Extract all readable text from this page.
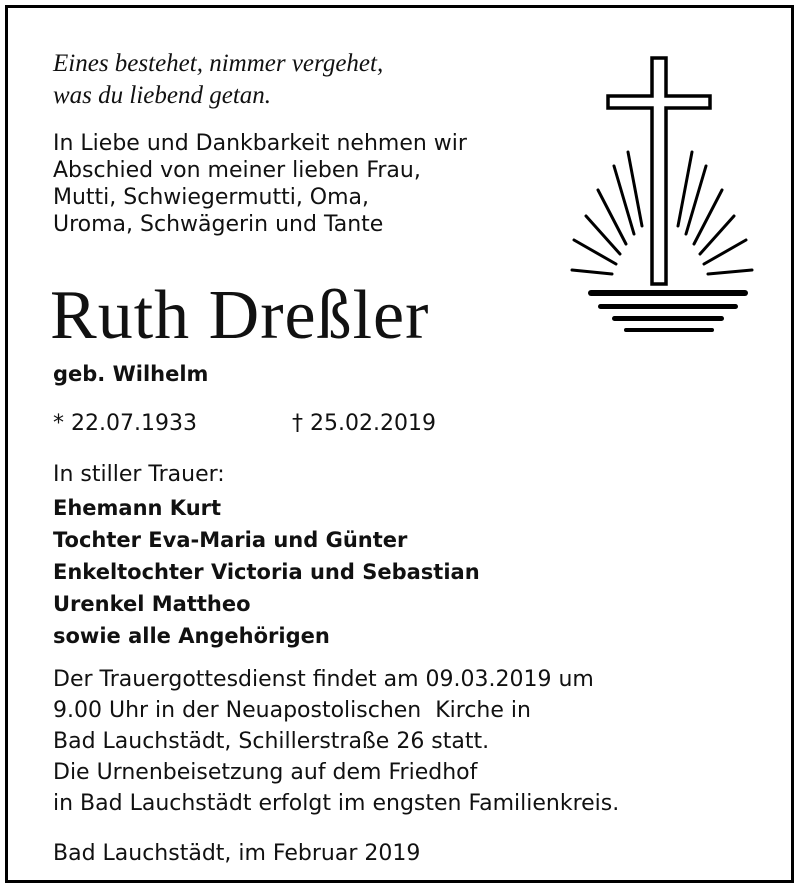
Eines bestehet, nimmer vergehet,
was du liebend getan.
In Liebe und Dankbarkeit nehmen wir
Abschied von meiner lieben Frau,
Mutti, Schwiegermutti, Oma,
Uroma, Schwägerin und Tante
Ruth Dreßler
geb. Wilhelm
* 22.07.1933	† 25.02.2019
In stiller Trauer:
Ehemann Kurt
Tochter Eva-Maria und Günter
Enkeltochter Victoria und Sebastian
Urenkel Mattheo
sowie alle Angehörigen
Der Trauergottesdienst findet am 09.03.2019 um
9.00 Uhr in der Neuapostolischen  Kirche in
Bad Lauchstädt, Schillerstraße 26 statt.
Die Urnenbeisetzung auf dem Friedhof
in Bad Lauchstädt erfolgt im engsten Familienkreis.
Bad Lauchstädt, im Februar 2019
